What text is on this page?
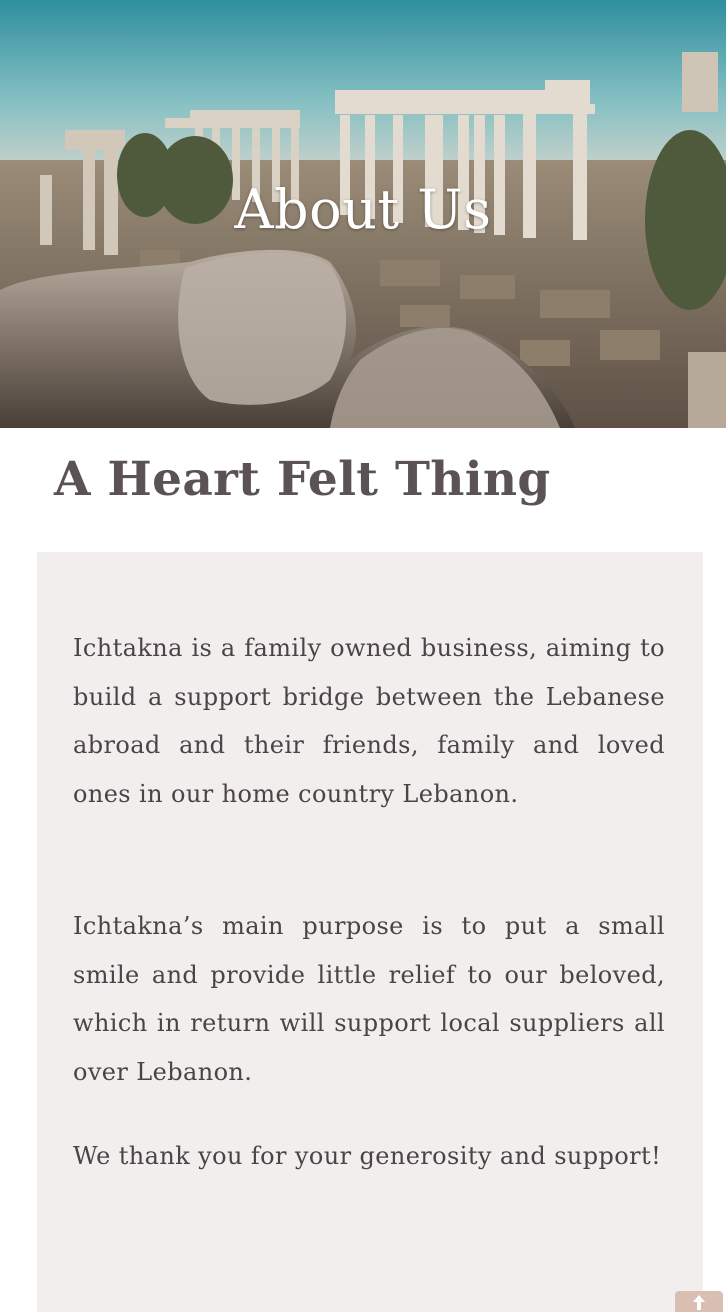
About Us
A Heart Felt Thing

Ichtakna is a family owned business, aiming to build a support bridge between the Lebanese abroad and their friends, family and loved ones in our home country Lebanon.

Ichtakna’s main purpose is to put a small smile and provide little relief to our beloved, which in return will support local suppliers all over Lebanon.

We thank you for your generosity and support!
